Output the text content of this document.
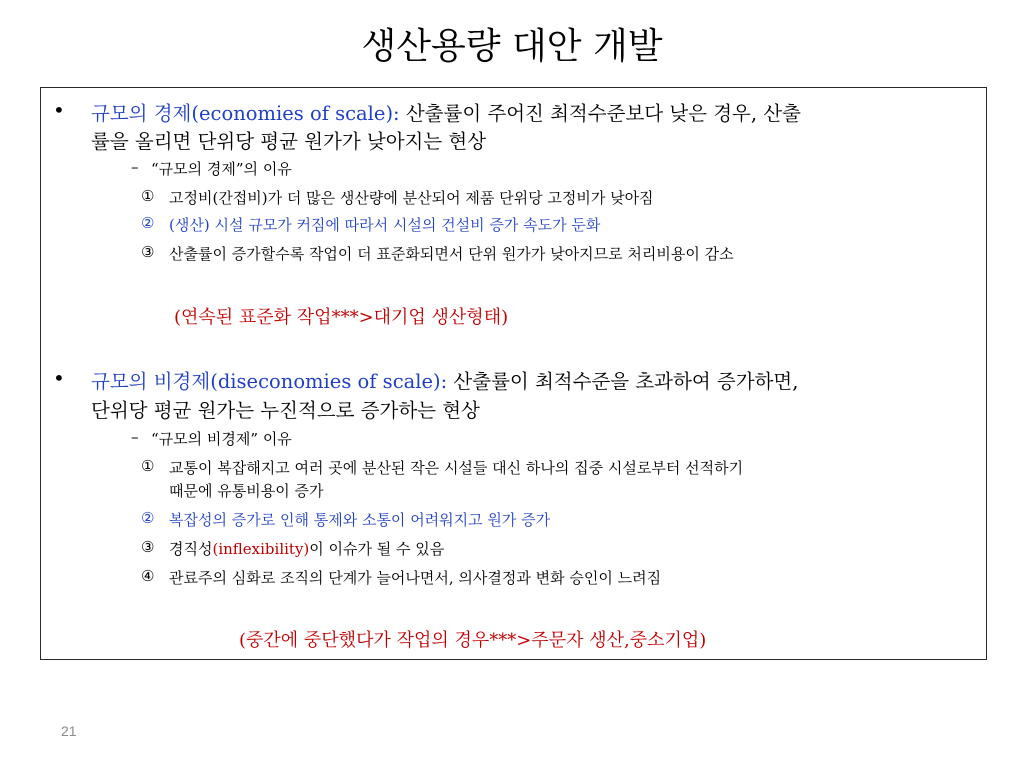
생산용량 대안 개발
• 규모의 경제(economies of scale): 산출률이 주어진 최적수준보다 낮은 경우, 산출
률을 올리면 단위당 평균 원가가 낮아지는 현상
– “규모의 경제”의 이유
① 고정비(간접비)가 더 많은 생산량에 분산되어 제품 단위당 고정비가 낮아짐
② (생산) 시설 규모가 커짐에 따라서 시설의 건설비 증가 속도가 둔화
③ 산출률이 증가할수록 작업이 더 표준화되면서 단위 원가가 낮아지므로 처리비용이 감소
(연속된 표준화 작업***>대기업 생산형태)
• 규모의 비경제(diseconomies of scale): 산출률이 최적수준을 초과하여 증가하면,
단위당 평균 원가는 누진적으로 증가하는 현상
– “규모의 비경제” 이유
① 교통이 복잡해지고 여러 곳에 분산된 작은 시설들 대신 하나의 집중 시설로부터 선적하기
때문에 유통비용이 증가
② 복잡성의 증가로 인해 통제와 소통이 어려워지고 원가 증가
③ 경직성(inflexibility)이 이슈가 될 수 있음
④ 관료주의 심화로 조직의 단계가 늘어나면서, 의사결정과 변화 승인이 느려짐
(중간에 중단했다가 작업의 경우***>주문자 생산,중소기업)
21
